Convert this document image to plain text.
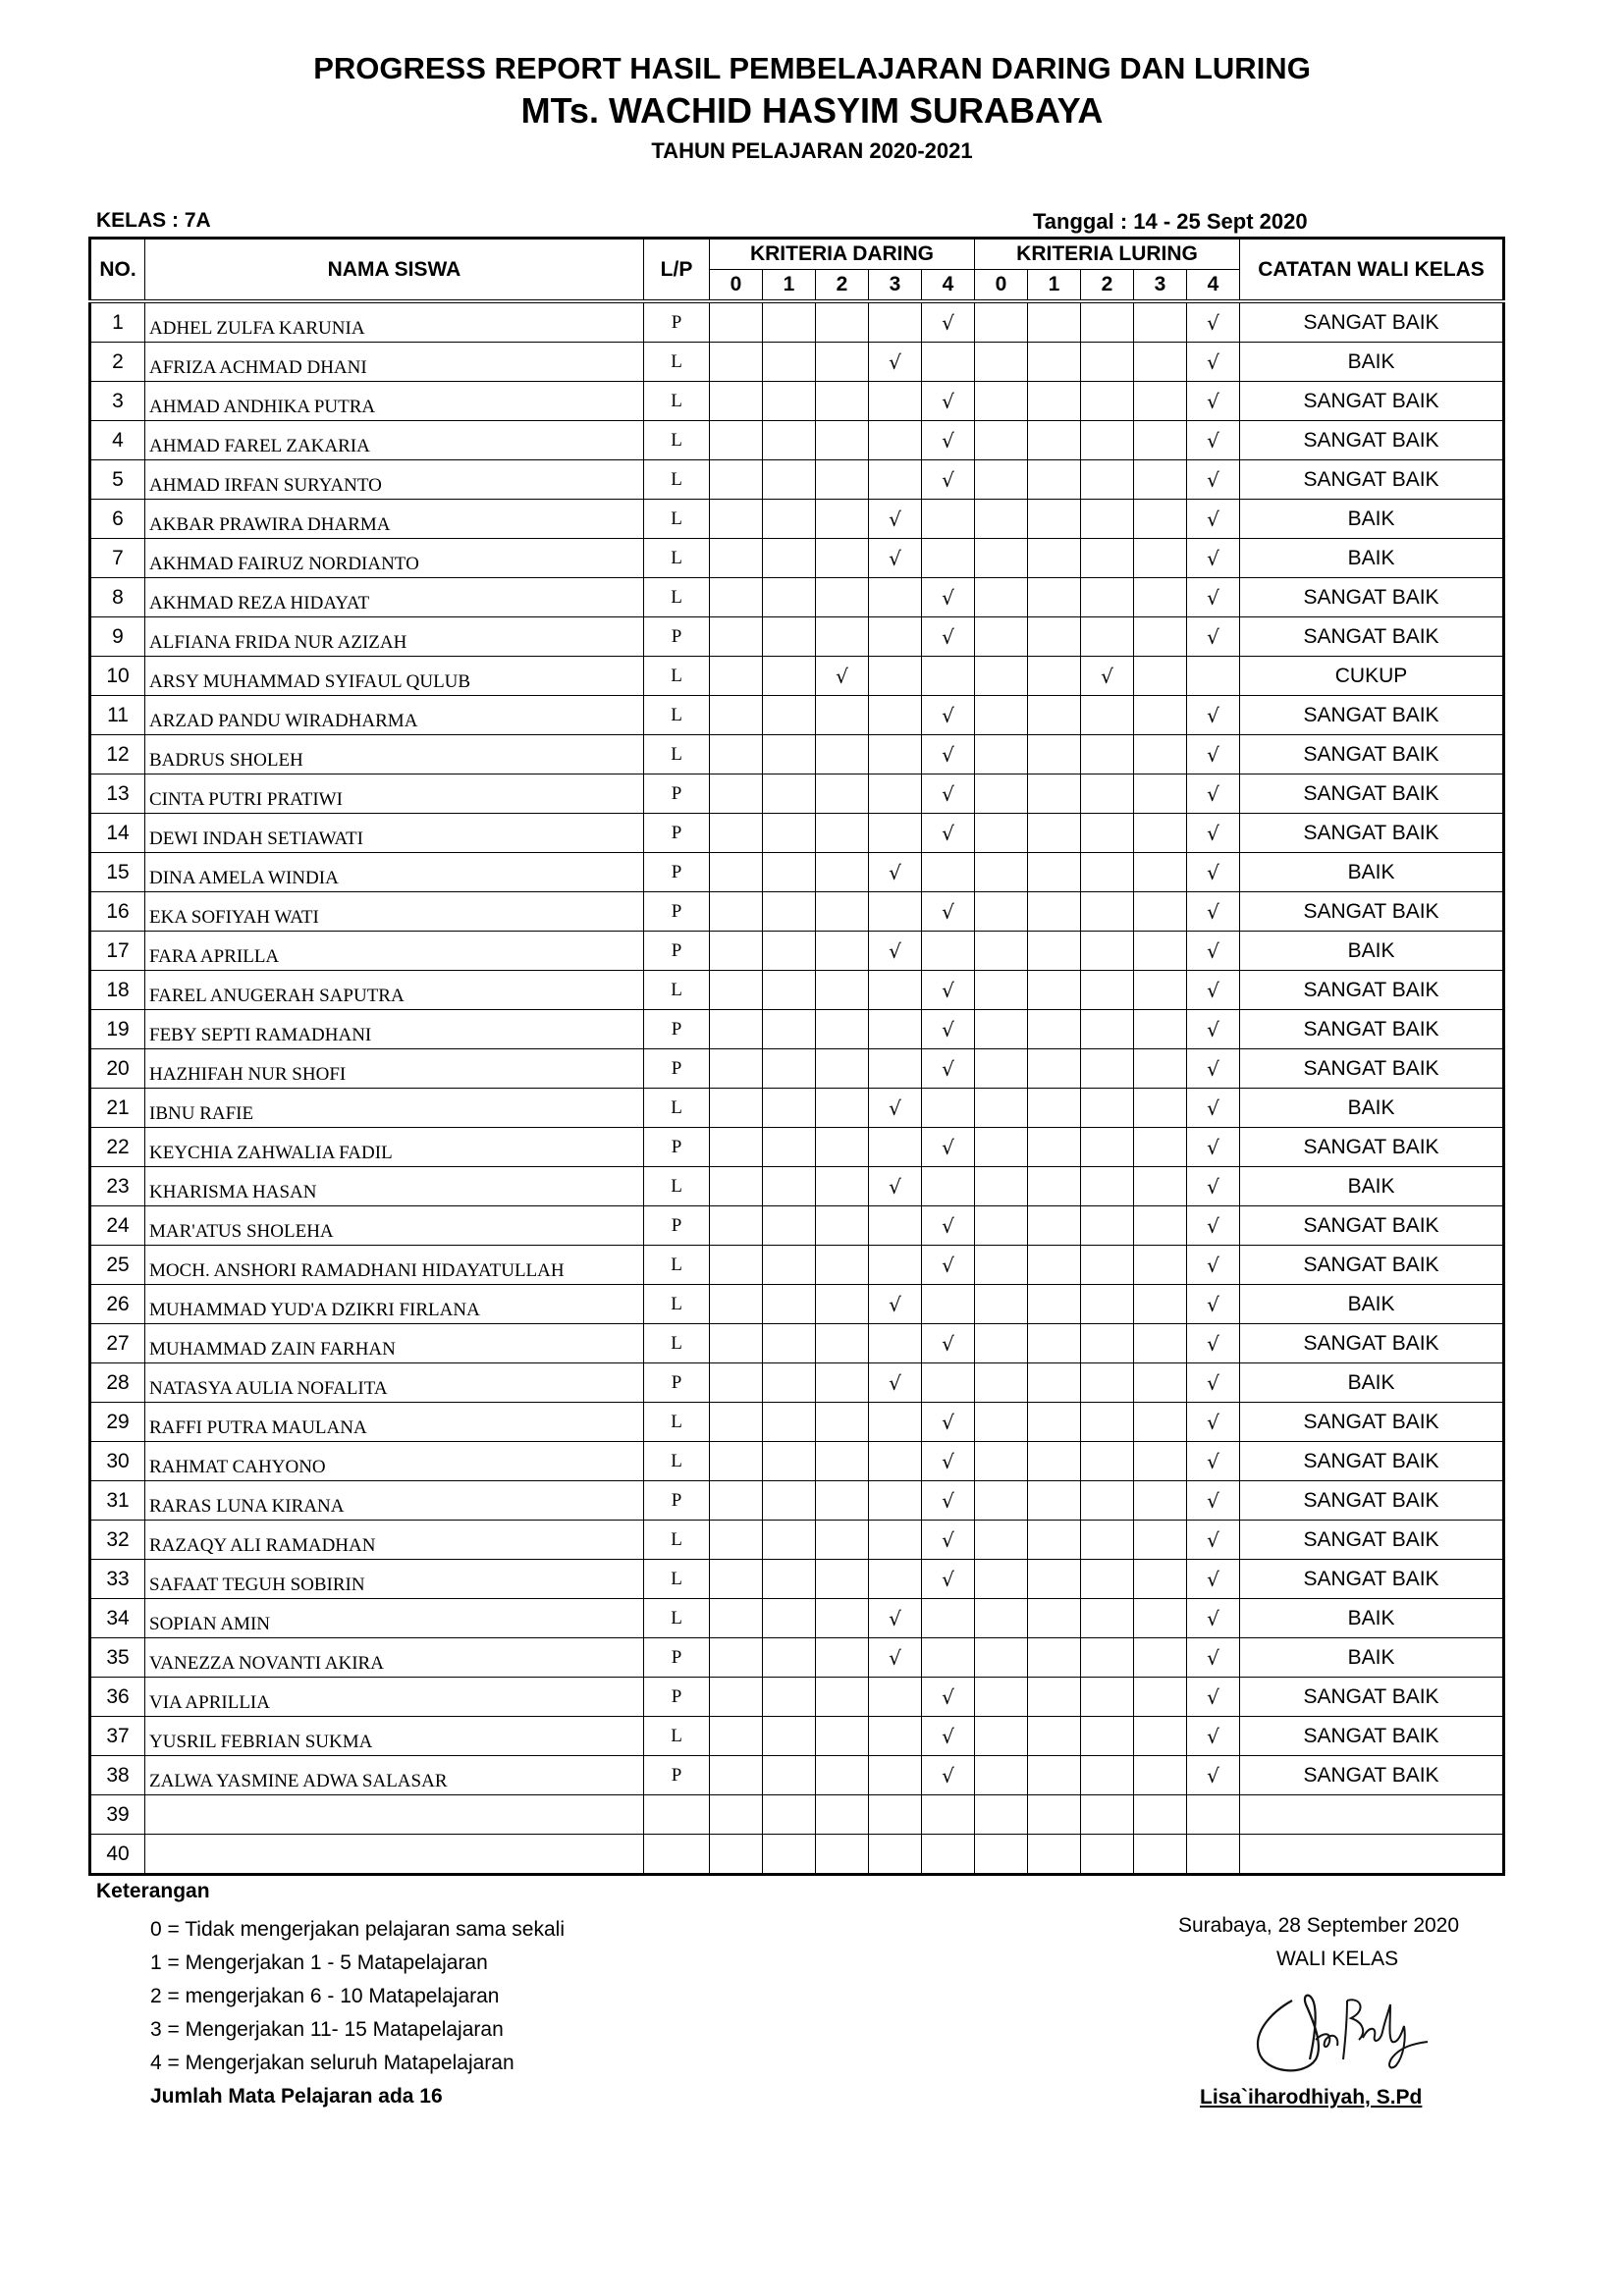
PROGRESS REPORT HASIL PEMBELAJARAN DARING DAN LURING
MTs. WACHID HASYIM SURABAYA
TAHUN PELAJARAN 2020-2021
KELAS : 7A	Tanggal : 14 - 25 Sept 2020
NO.	NAMA SISWA	L/P	KRITERIA DARING					KRITERIA LURING					CATATAN WALI KELAS
			0	1	2	3	4	0	1	2	3	4	
1	ADHEL ZULFA KARUNIA	P					√					√	SANGAT BAIK
2	AFRIZA ACHMAD DHANI	L				√						√	BAIK
3	AHMAD ANDHIKA PUTRA	L					√					√	SANGAT BAIK
4	AHMAD FAREL ZAKARIA	L					√					√	SANGAT BAIK
5	AHMAD IRFAN SURYANTO	L					√					√	SANGAT BAIK
6	AKBAR PRAWIRA DHARMA	L				√						√	BAIK
7	AKHMAD FAIRUZ NORDIANTO	L				√						√	BAIK
8	AKHMAD REZA HIDAYAT	L					√					√	SANGAT BAIK
9	ALFIANA FRIDA NUR AZIZAH	P					√					√	SANGAT BAIK
10	ARSY MUHAMMAD SYIFAUL QULUB	L			√					√			CUKUP
11	ARZAD PANDU WIRADHARMA	L					√					√	SANGAT BAIK
12	BADRUS SHOLEH	L					√					√	SANGAT BAIK
13	CINTA PUTRI PRATIWI	P					√					√	SANGAT BAIK
14	DEWI INDAH SETIAWATI	P					√					√	SANGAT BAIK
15	DINA AMELA WINDIA	P				√						√	BAIK
16	EKA SOFIYAH WATI	P					√					√	SANGAT BAIK
17	FARA APRILLA	P				√						√	BAIK
18	FAREL ANUGERAH SAPUTRA	L					√					√	SANGAT BAIK
19	FEBY SEPTI RAMADHANI	P					√					√	SANGAT BAIK
20	HAZHIFAH NUR SHOFI	P					√					√	SANGAT BAIK
21	IBNU RAFIE	L				√						√	BAIK
22	KEYCHIA ZAHWALIA FADIL	P					√					√	SANGAT BAIK
23	KHARISMA HASAN	L				√						√	BAIK
24	MAR'ATUS SHOLEHA	P					√					√	SANGAT BAIK
25	MOCH. ANSHORI RAMADHANI HIDAYATULLAH	L					√					√	SANGAT BAIK
26	MUHAMMAD YUD'A DZIKRI FIRLANA	L				√						√	BAIK
27	MUHAMMAD ZAIN FARHAN	L					√					√	SANGAT BAIK
28	NATASYA AULIA NOFALITA	P				√						√	BAIK
29	RAFFI PUTRA MAULANA	L					√					√	SANGAT BAIK
30	RAHMAT CAHYONO	L					√					√	SANGAT BAIK
31	RARAS LUNA KIRANA	P					√					√	SANGAT BAIK
32	RAZAQY ALI RAMADHAN	L					√					√	SANGAT BAIK
33	SAFAAT TEGUH SOBIRIN	L					√					√	SANGAT BAIK
34	SOPIAN AMIN	L				√						√	BAIK
35	VANEZZA NOVANTI AKIRA	P				√						√	BAIK
36	VIA APRILLIA	P					√					√	SANGAT BAIK
37	YUSRIL FEBRIAN SUKMA	L					√					√	SANGAT BAIK
38	ZALWA YASMINE ADWA SALASAR	P					√					√	SANGAT BAIK
39													
40													
Keterangan
0 = Tidak mengerjakan pelajaran sama sekali
1 = Mengerjakan 1 - 5 Matapelajaran
2 = mengerjakan 6 - 10 Matapelajaran
3 = Mengerjakan 11- 15 Matapelajaran
4 = Mengerjakan seluruh Matapelajaran
Jumlah Mata Pelajaran ada 16
Surabaya, 28 September 2020
WALI KELAS
Lisa`iharodhiyah, S.Pd
